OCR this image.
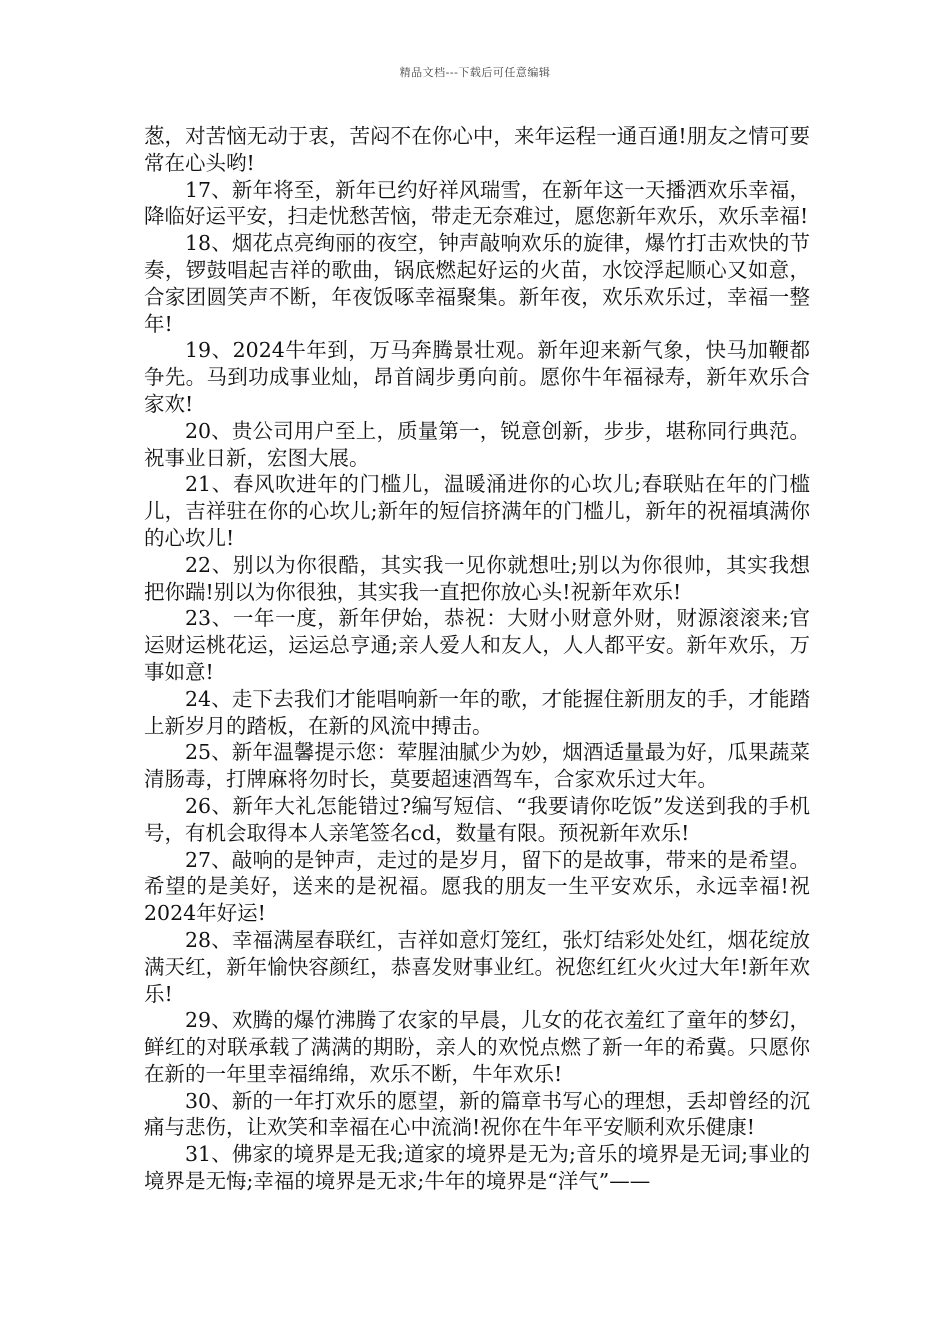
精品文档---下载后可任意编辑

葱，对苦恼无动于衷，苦闷不在你心中，来年运程一通百通!朋友之情可要常在心头哟!

17、新年将至，新年已约好祥风瑞雪，在新年这一天播洒欢乐幸福，降临好运平安，扫走忧愁苦恼，带走无奈难过，愿您新年欢乐，欢乐幸福!

18、烟花点亮绚丽的夜空，钟声敲响欢乐的旋律，爆竹打击欢快的节奏，锣鼓唱起吉祥的歌曲，锅底燃起好运的火苗，水饺浮起顺心又如意，合家团圆笑声不断，年夜饭啄幸福聚集。新年夜，欢乐欢乐过，幸福一整年!

19、2024牛年到，万马奔腾景壮观。新年迎来新气象，快马加鞭都争先。马到功成事业灿，昂首阔步勇向前。愿你牛年福禄寿，新年欢乐合家欢!

20、贵公司用户至上，质量第一，锐意创新，步步，堪称同行典范。祝事业日新，宏图大展。

21、春风吹进年的门槛儿，温暖涌进你的心坎儿;春联贴在年的门槛儿，吉祥驻在你的心坎儿;新年的短信挤满年的门槛儿，新年的祝福填满你的心坎儿!

22、别以为你很酷，其实我一见你就想吐;别以为你很帅，其实我想把你踹!别以为你很独，其实我一直把你放心头!祝新年欢乐!

23、一年一度，新年伊始，恭祝：大财小财意外财，财源滚滚来;官运财运桃花运，运运总亨通;亲人爱人和友人，人人都平安。新年欢乐，万事如意!

24、走下去我们才能唱响新一年的歌，才能握住新朋友的手，才能踏上新岁月的踏板，在新的风流中搏击。

25、新年温馨提示您：荤腥油腻少为妙，烟酒适量最为好，瓜果蔬菜清肠毒，打牌麻将勿时长，莫要超速酒驾车，合家欢乐过大年。

26、新年大礼怎能错过?编写短信、“我要请你吃饭”发送到我的手机号，有机会取得本人亲笔签名cd，数量有限。预祝新年欢乐!

27、敲响的是钟声，走过的是岁月，留下的是故事，带来的是希望。希望的是美好，送来的是祝福。愿我的朋友一生平安欢乐，永远幸福!祝2024年好运!

28、幸福满屋春联红，吉祥如意灯笼红，张灯结彩处处红，烟花绽放满天红，新年愉快容颜红，恭喜发财事业红。祝您红红火火过大年!新年欢乐!

29、欢腾的爆竹沸腾了农家的早晨，儿女的花衣羞红了童年的梦幻，鲜红的对联承载了满满的期盼，亲人的欢悦点燃了新一年的希冀。只愿你在新的一年里幸福绵绵，欢乐不断，牛年欢乐!

30、新的一年打欢乐的愿望，新的篇章书写心的理想，丢却曾经的沉痛与悲伤，让欢笑和幸福在心中流淌!祝你在牛年平安顺利欢乐健康!

31、佛家的境界是无我;道家的境界是无为;音乐的境界是无词;事业的境界是无悔;幸福的境界是无求;牛年的境界是“洋气”——
